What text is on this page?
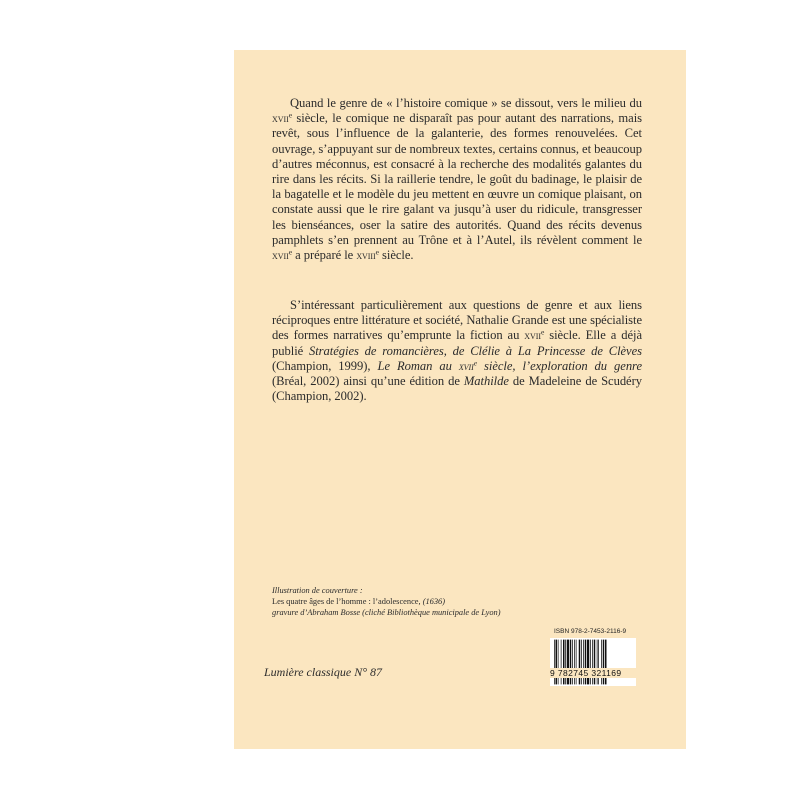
Quand le genre de « l’histoire comique » se dissout, vers le milieu du xvii$^e$ siècle, le comique ne disparaît pas pour autant des narrations, mais revêt, sous l’influence de la galanterie, des formes renouvelées. Cet ouvrage, s’appuyant sur de nombreux textes, certains connus, et beaucoup d’autres méconnus, est consacré à la recherche des modalités galantes du rire dans les récits. Si la raillerie tendre, le goût du badinage, le plaisir de la bagatelle et le modèle du jeu mettent en œuvre un comique plaisant, on constate aussi que le rire galant va jusqu’à user du ridicule, transgresser les bienséances, oser la satire des autorités. Quand des récits devenus pamphlets s’en prennent au Trône et à l’Autel, ils révèlent comment le xvii$^e$ a préparé le xviii$^e$ siècle.

S’intéressant particulièrement aux questions de genre et aux liens réciproques entre littérature et société, Nathalie Grande est une spécialiste des formes narratives qu’emprunte la fiction au xvii$^e$ siècle. Elle a déjà publié Stratégies de romancières, de Clélie à La Princesse de Clèves (Champion, 1999), Le Roman au xvii$^e$ siècle, l’exploration du genre (Bréal, 2002) ainsi qu’une édition de Mathilde de Madeleine de Scudéry (Champion, 2002).

Illustration de couverture :
Les quatre âges de l’homme : l’adolescence, (1636)
gravure d’Abraham Bosse (cliché Bibliothèque municipale de Lyon)
Lumière classique N° 87
ISBN 978-2-7453-2116-9
9 782745 321169
